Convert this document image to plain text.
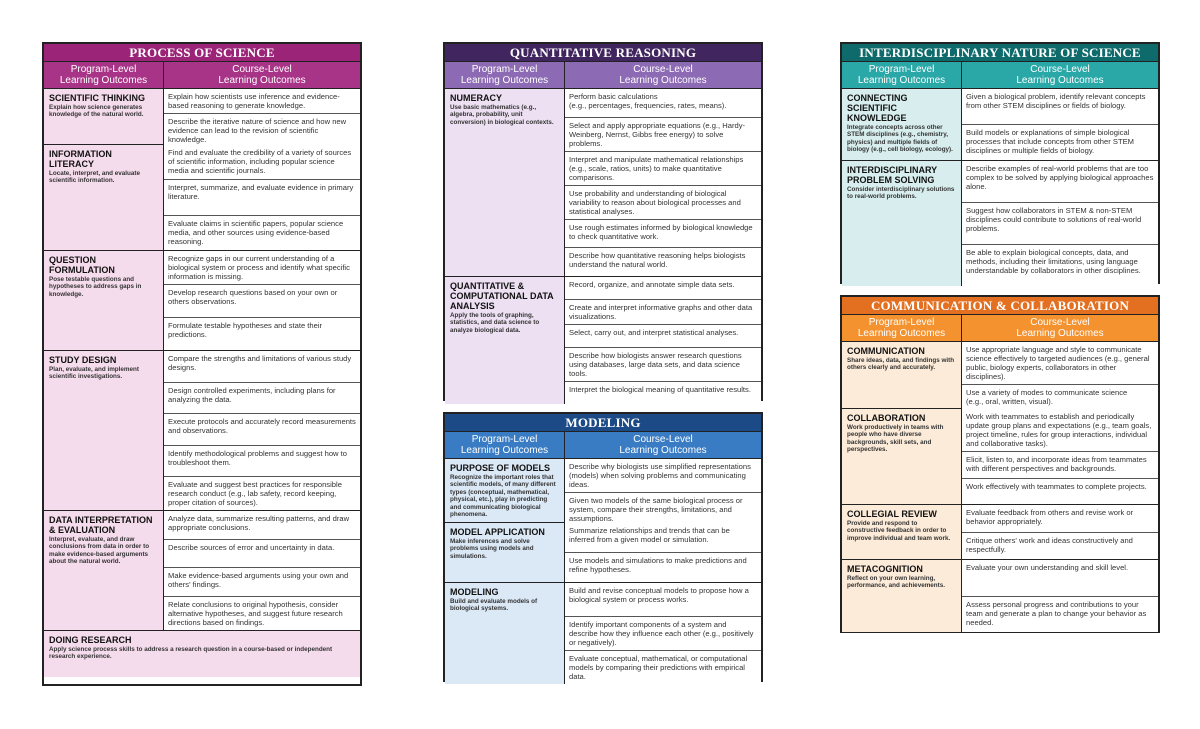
PROCESS OF SCIENCE
Program-Level
Learning Outcomes
Course-Level
Learning Outcomes
SCIENTIFIC THINKING
Explain how science generates knowledge of the natural world.
Explain how scientists use inference and evidence-based reasoning to generate knowledge.
Describe the iterative nature of science and how new evidence can lead to the revision of scientific knowledge.
INFORMATION LITERACY
Locate, interpret, and evaluate scientific information.
Find and evaluate the credibility of a variety of sources of scientific information, including popular science media and scientific journals.
Interpret, summarize, and evaluate evidence in primary literature.
Evaluate claims in scientific papers, popular science media, and other sources using evidence-based reasoning.
QUESTION FORMULATION
Pose testable questions and hypotheses to address gaps in knowledge.
Recognize gaps in our current understanding of a biological system or process and identify what specific information is missing.
Develop research questions based on your own or others observations.
Formulate testable hypotheses and state their predictions.
STUDY DESIGN
Plan, evaluate, and implement scientific investigations.
Compare the strengths and limitations of various study designs.
Design controlled experiments, including plans for analyzing the data.
Execute protocols and accurately record measurements and observations.
Identify methodological problems and suggest how to troubleshoot them.
Evaluate and suggest best practices for responsible research conduct (e.g., lab safety, record keeping, proper citation of sources).
DATA INTERPRETATION
& EVALUATION
Interpret, evaluate, and draw conclusions from data in order to make evidence-based arguments about the natural world.
Analyze data, summarize resulting patterns, and draw appropriate conclusions.
Describe sources of error and uncertainty in data.
Make evidence-based arguments using your own and others' findings.
Relate conclusions to original hypothesis, consider alternative hypotheses, and suggest future research directions based on findings.
DOING RESEARCH
Apply science process skills to address a research question in a course-based or independent research experience.
QUANTITATIVE REASONING
Program-Level
Learning Outcomes
Course-Level
Learning Outcomes
NUMERACY
Use basic mathematics (e.g., algebra, probability, unit conversion) in biological contexts.
Perform basic calculations
(e.g., percentages, frequencies, rates, means).
Select and apply appropriate equations (e.g., Hardy-Weinberg, Nernst, Gibbs free energy) to solve problems.
Interpret and manipulate mathematical relationships (e.g., scale, ratios, units) to make quantitative comparisons.
Use probability and understanding of biological variability to reason about biological processes and statistical analyses.
Use rough estimates informed by biological knowledge to check quantitative work.
Describe how quantitative reasoning helps biologists understand the natural world.
QUANTITATIVE &
COMPUTATIONAL DATA
ANALYSIS
Apply the tools of graphing, statistics, and data science to analyze biological data.
Record, organize, and annotate simple data sets.
Create and interpret informative graphs and other data visualizations.
Select, carry out, and interpret statistical analyses.
Describe how biologists answer research questions using databases, large data sets, and data science tools.
Interpret the biological meaning of quantitative results.
MODELING
Program-Level
Learning Outcomes
Course-Level
Learning Outcomes
PURPOSE OF MODELS
Recognize the important roles that scientific models, of many different types (conceptual, mathematical, physical, etc.), play in predicting and communicating biological phenomena.
Describe why biologists use simplified representations (models) when solving problems and communicating ideas.
Given two models of the same biological process or system, compare their strengths, limitations, and assumptions.
MODEL APPLICATION
Make inferences and solve problems using models and simulations.
Summarize relationships and trends that can be inferred from a given model or simulation.
Use models and simulations to make predictions and refine hypotheses.
MODELING
Build and evaluate models of biological systems.
Build and revise conceptual models to propose how a biological system or process works.
Identify important components of a system and describe how they influence each other (e.g., positively or negatively).
Evaluate conceptual, mathematical, or computational models by comparing their predictions with empirical data.
INTERDISCIPLINARY NATURE OF SCIENCE
Program-Level
Learning Outcomes
Course-Level
Learning Outcomes
CONNECTING
SCIENTIFIC KNOWLEDGE
Integrate concepts across other STEM disciplines (e.g., chemistry, physics) and multiple fields of biology (e.g., cell biology, ecology).
Given a biological problem, identify relevant concepts from other STEM disciplines or fields of biology.
Build models or explanations of simple biological processes that include concepts from other STEM disciplines or multiple fields of biology.
INTERDISCIPLINARY
PROBLEM SOLVING
Consider interdisciplinary solutions to real-world problems.
Describe examples of real-world problems that are too complex to be solved by applying biological approaches alone.
Suggest how collaborators in STEM & non-STEM disciplines could contribute to solutions of real-world problems.
Be able to explain biological concepts, data, and methods, including their limitations, using language understandable by collaborators in other disciplines.
COMMUNICATION & COLLABORATION
Program-Level
Learning Outcomes
Course-Level
Learning Outcomes
COMMUNICATION
Share ideas, data, and findings with others clearly and accurately.
Use appropriate language and style to communicate science effectively to targeted audiences (e.g., general public, biology experts, collaborators in other disciplines).
Use a variety of modes to communicate science
(e.g., oral, written, visual).
COLLABORATION
Work productively in teams with people who have diverse backgrounds, skill sets, and perspectives.
Work with teammates to establish and periodically update group plans and expectations (e.g., team goals, project timeline, rules for group interactions, individual and collaborative tasks).
Elicit, listen to, and incorporate ideas from teammates with different perspectives and backgrounds.
Work effectively with teammates to complete projects.
COLLEGIAL REVIEW
Provide and respond to constructive feedback in order to improve individual and team work.
Evaluate feedback from others and revise work or behavior appropriately.
Critique others' work and ideas constructively and respectfully.
METACOGNITION
Reflect on your own learning, performance, and achievements.
Evaluate your own understanding and skill level.
Assess personal progress and contributions to your team and generate a plan to change your behavior as needed.
